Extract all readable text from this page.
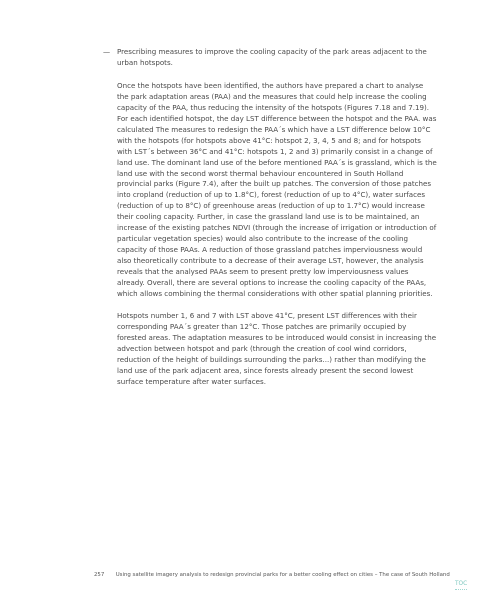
— Prescribing measures to improve the cooling capacity of the park areas adjacent to the urban hotspots.

Once the hotspots have been identified, the authors have prepared a chart to analyse the park adaptation areas (PAA) and the measures that could help increase the cooling capacity of the PAA, thus reducing the intensity of the hotspots (Figures 7.18 and 7.19). For each identified hotspot, the day LST difference between the hotspot and the PAA. was calculated The measures to redesign the PAA´s which have a LST difference below 10°C with the hotspots (for hotspots above 41°C: hotspot 2, 3, 4, 5 and 8; and for hotspots with LST´s between 36°C and 41°C: hotspots 1, 2 and 3) primarily consist in a change of land use. The dominant land use of the before mentioned PAA´s is grassland, which is the land use with the second worst thermal behaviour encountered in South Holland provincial parks (Figure 7.4), after the built up patches. The conversion of those patches into cropland (reduction of up to 1.8°C), forest (reduction of up to 4°C), water surfaces (reduction of up to 8°C) of greenhouse areas (reduction of up to 1.7°C) would increase their cooling capacity. Further, in case the grassland land use is to be maintained, an increase of the existing patches NDVI (through the increase of irrigation or introduction of particular vegetation species) would also contribute to the increase of the cooling capacity of those PAAs. A reduction of those grassland patches imperviousness would also theoretically contribute to a decrease of their average LST, however, the analysis reveals that the analysed PAAs seem to present pretty low imperviousness values already. Overall, there are several options to increase the cooling capacity of the PAAs, which allows combining the thermal considerations with other spatial planning priorities.

Hotspots number 1, 6 and 7 with LST above 41°C, present LST differences with their corresponding PAA´s greater than 12°C. Those patches are primarily occupied by forested areas. The adaptation measures to be introduced would consist in increasing the advection between hotspot and park (through the creation of cool wind corridors, reduction of the height of buildings surrounding the parks...) rather than modifying the land use of the park adjacent area, since forests already present the second lowest surface temperature after water surfaces.

257 Using satellite imagery analysis to redesign provincial parks for a better cooling effect on cities – The case of South Holland
TOC
